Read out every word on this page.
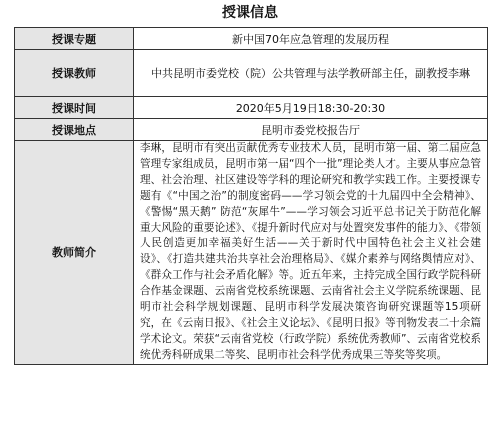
授课信息
授课专题	新中国70年应急管理的发展历程
授课教师	中共昆明市委党校（院）公共管理与法学教研部主任，副教授李琳
授课时间	2020年5月19日18:30-20:30
授课地点	昆明市委党校报告厅
教师简介	李琳，昆明市有突出贡献优秀专业技术人员，昆明市第一届、第二届应急管理专家组成员，昆明市第一届“四个一批”理论类人才。主要从事应急管理、社会治理、社区建设等学科的理论研究和教学实践工作。主要授课专题有《“中国之治”的制度密码——学习领会党的十九届四中全会精神》、《警惕“黑天鹅” 防范“灰犀牛”——学习领会习近平总书记关于防范化解重大风险的重要论述》、《提升新时代应对与处置突发事件的能力》、《带领人民创造更加幸福美好生活——关于新时代中国特色社会主义社会建设》、《打造共建共治共享社会治理格局》、《媒介素养与网络舆情应对》、《群众工作与社会矛盾化解》等。近五年来，主持完成全国行政学院科研合作基金课题、云南省党校系统课题、云南省社会主义学院系统课题、昆明市社会科学规划课题、昆明市科学发展决策咨询研究课题等15项研究，在《云南日报》、《社会主义论坛》、《昆明日报》等刊物发表二十余篇学术论文。荣获“云南省党校（行政学院）系统优秀教师”、云南省党校系统优秀科研成果二等奖、昆明市社会科学优秀成果三等奖等奖项。
